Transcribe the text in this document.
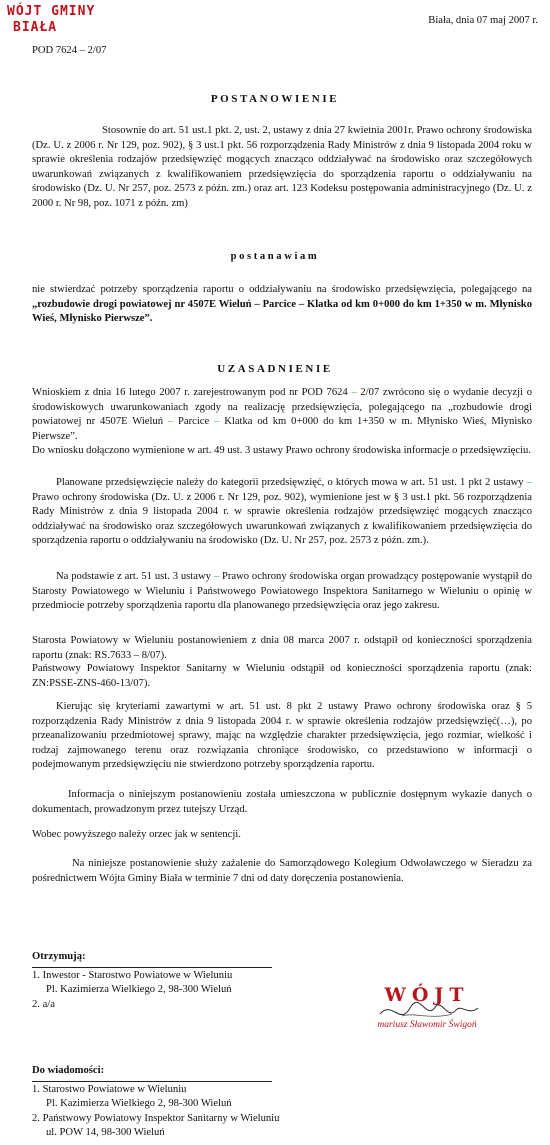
WÓJT GMINY
BIAŁA
POD 7624 – 2/07
Biała, dnia 07 maj 2007 r.
POSTANOWIENIE
Stosownie do art. 51 ust.1 pkt. 2, ust. 2, ustawy z dnia 27 kwietnia 2001r. Prawo ochrony środowiska (Dz. U. z 2006 r. Nr 129, poz. 902), § 3 ust.1 pkt. 56 rozporządzenia Rady Ministrów z dnia 9 listopada 2004 roku w sprawie określenia rodzajów przedsięwzięć mogących znacząco oddziaływać na środowisko oraz szczegółowych uwarunkowań związanych z kwalifikowaniem przedsięwzięcia do sporządzenia raportu o oddziaływaniu na środowisko (Dz. U. Nr 257, poz. 2573 z późn. zm.) oraz art. 123 Kodeksu postępowania administracyjnego (Dz. U. z 2000 r. Nr 98, poz. 1071 z późn. zm)
postanawiam
nie stwierdzać potrzeby sporządzenia raportu o oddziaływaniu na środowisko przedsięwzięcia, polegającego na „rozbudowie drogi powiatowej nr 4507E Wieluń – Parcice – Klatka od km 0+000 do km 1+350 w m. Młynisko Wieś, Młynisko Pierwsze”.
UZASADNIENIE
Wnioskiem z dnia 16 lutego 2007 r. zarejestrowanym pod nr POD 7624 – 2/07 zwrócono się o wydanie decyzji o środowiskowych uwarunkowaniach zgody na realizację przedsięwzięcia, polegającego na „rozbudowie drogi powiatowej nr 4507E Wieluń – Parcice – Klatka od km 0+000 do km 1+350 w m. Młynisko Wieś, Młynisko Pierwsze”.
Do wniosku dołączono wymienione w art. 49 ust. 3 ustawy Prawo ochrony środowiska informacje o przedsięwzięciu.
Planowane przedsięwzięcie należy do kategorii przedsięwzięć, o których mowa w art. 51 ust. 1 pkt 2 ustawy – Prawo ochrony środowiska (Dz. U. z 2006 r. Nr 129, poz. 902), wymienione jest w § 3 ust.1 pkt. 56 rozporządzenia Rady Ministrów z dnia 9 listopada 2004 r. w sprawie określenia rodzajów przedsięwzięć mogących znacząco oddziaływać na środowisko oraz szczegółowych uwarunkowań związanych z kwalifikowaniem przedsięwzięcia do sporządzenia raportu o oddziaływaniu na środowisko (Dz. U. Nr 257, poz. 2573 z późn. zm.).
Na podstawie z art. 51 ust. 3 ustawy – Prawo ochrony środowiska organ prowadzący postępowanie wystąpił do Starosty Powiatowego w Wieluniu i Państwowego Powiatowego Inspektora Sanitarnego w Wieluniu o opinię w przedmiocie potrzeby sporządzenia raportu dla planowanego przedsięwzięcia oraz jego zakresu.
Starosta Powiatowy w Wieluniu postanowieniem z dnia 08 marca 2007 r. odstąpił od konieczności sporządzenia raportu (znak: RS.7633 – 8/07).
Państwowy Powiatowy Inspektor Sanitarny w Wieluniu odstąpił od konieczności sporządzenia raportu (znak: ZN:PSSE-ZNS-460-13/07).
Kierując się kryteriami zawartymi w art. 51 ust. 8 pkt 2 ustawy Prawo ochrony środowiska oraz § 5 rozporządzenia Rady Ministrów z dnia 9 listopada 2004 r. w sprawie określenia rodzajów przedsięwzięć(…), po przeanalizowaniu przedmiotowej sprawy, mając na względzie charakter przedsięwzięcia, jego rozmiar, wielkość i rodzaj zajmowanego terenu oraz rozwiązania chroniące środowisko, co przedstawiono w informacji o podejmowanym przedsięwzięciu nie stwierdzono potrzeby sporządzenia raportu.
Informacja o niniejszym postanowieniu została umieszczona w publicznie dostępnym wykazie danych o dokumentach, prowadzonym przez tutejszy Urząd.
Wobec powyższego należy orzec jak w sentencji.
Na niniejsze postanowienie służy zażalenie do Samorządowego Kolegium Odwoławczego w Sieradzu za pośrednictwem Wójta Gminy Biała w terminie 7 dni od daty doręczenia postanowienia.
Otrzymują:
1. Inwestor - Starostwo Powiatowe w Wieluniu
Pl. Kazimierza Wielkiego 2, 98-300 Wieluń
2. a/a	WÓJT
mariusz Sławomir Świgoń
Do wiadomości:
1. Starostwo Powiatowe w Wieluniu
Pl. Kazimierza Wielkiego 2, 98-300 Wieluń
2. Państwowy Powiatowy Inspektor Sanitarny w Wieluniu
ul. POW 14, 98-300 Wieluń
